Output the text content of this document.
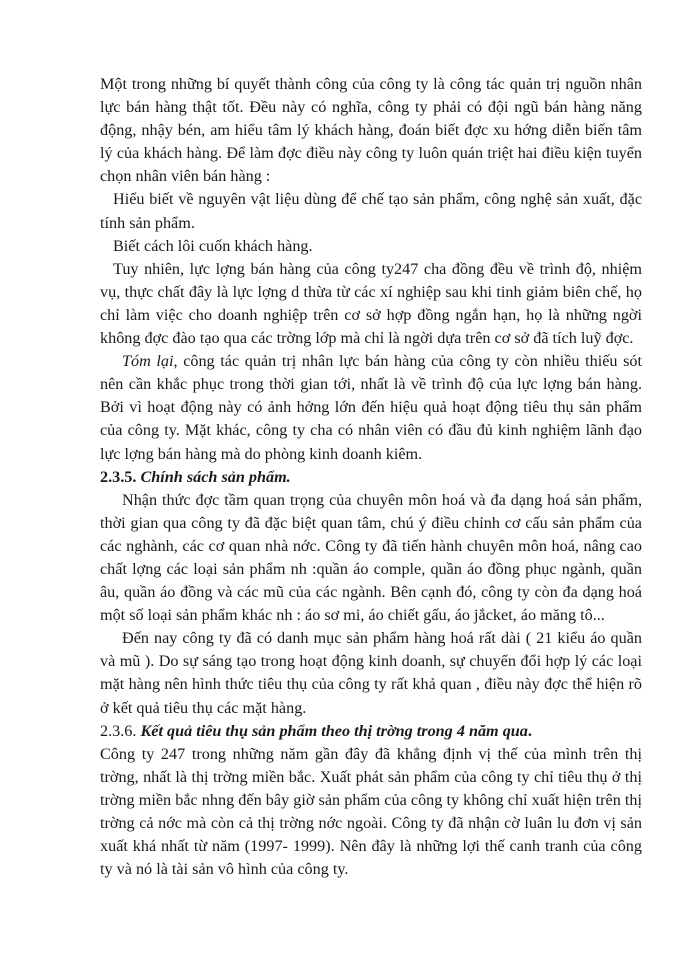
Một trong những bí quyết thành công của công ty là công tác quản trị nguồn nhân lực bán hàng thật tốt. Đều này có nghĩa, công ty phải có đội ngũ bán hàng năng động, nhậy bén, am hiểu tâm lý khách hàng, đoán biết đợc xu hớng diễn biến tâm lý của khách hàng. Để làm đợc điều này công ty luôn quán triệt hai điều kiện tuyển chọn nhân viên bán hàng :

Hiểu biết về nguyên vật liệu dùng để chế tạo sản phẩm, công nghệ sản xuất, đặc tính sản phẩm.

Biết cách lôi cuốn khách hàng.

Tuy nhiên, lực lợng bán hàng của công ty247 cha đồng đều về trình độ, nhiệm vụ, thực chất đây là lực lợng d thừa từ các xí nghiệp sau khi tinh giảm biên chế, họ chỉ làm việc cho doanh nghiệp trên cơ sở hợp đồng ngắn hạn, họ là những ngời không đợc đào tạo qua các trờng lớp mà chỉ là ngời dựa trên cơ sở đã tích luỹ đợc.

Tóm lại, công tác quản trị nhân lực bán hàng của công ty còn nhiều thiếu sót nên cần khắc phục trong thời gian tới, nhất là về trình độ của lực lợng bán hàng. Bởi vì hoạt động này có ảnh hởng lớn đến hiệu quả hoạt động tiêu thụ sản phẩm của công ty. Mặt khác, công ty cha có nhân viên có đầu đủ kinh nghiệm lãnh đạo lực lợng bán hàng mà do phòng kinh doanh kiêm.

2.3.5. Chính sách sản phẩm.

Nhận thức đợc tầm quan trọng của chuyên môn hoá và đa dạng hoá sản phẩm, thời gian qua công ty đã đặc biệt quan tâm, chú ý điều chỉnh cơ cấu sản phẩm của các nghành, các cơ quan nhà nớc. Công ty đã tiến hành chuyên môn hoá, nâng cao chất lợng các loại sản phẩm nh :quần áo comple, quần áo đồng phục ngành, quần âu, quần áo đồng và các mũ của các ngành. Bên cạnh đó, công ty còn đa dạng hoá một số loại sản phẩm khác nh : áo sơ mi, áo chiết gấu, áo jắcket, áo măng tô...

Đến nay công ty đã có danh mục sản phẩm hàng hoá rất dài ( 21 kiểu áo quần và mũ ). Do sự sáng tạo trong hoạt động kinh doanh, sự chuyển đổi hợp lý các loại mặt hàng nên hình thức tiêu thụ của công ty rất khả quan , điều này đợc thể hiện rõ ở kết quả tiêu thụ các mặt hàng.

2.3.6. Kết quả tiêu thụ sản phẩm theo thị trờng trong 4 năm qua.

Công ty 247 trong những năm gần đây đã khẳng định vị thế của mình trên thị trờng, nhất là thị trờng miền bắc. Xuất phát sản phẩm của công ty chỉ tiêu thụ ở thị trờng miền bắc nhng đến bây giờ sản phẩm của công ty không chỉ xuất hiện trên thị trờng cả nớc mà còn cả thị trờng nớc ngoài. Công ty đã nhận cờ luân lu đơn vị sản xuất khá nhất từ năm (1997- 1999). Nên đây là những lợi thế canh tranh của công ty và nó là tài sản vô hình của công ty.
